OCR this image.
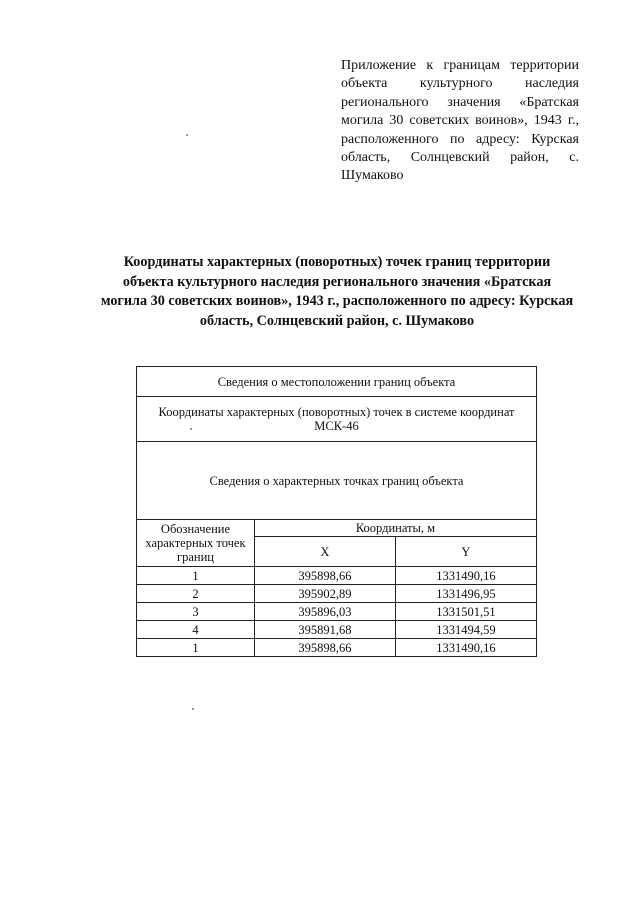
Приложение к границам территории объекта культурного наследия регионального значения «Братская могила 30 советских воинов», 1943 г., расположенного по адресу: Курская область, Солнцевский район, с. Шумаково
Координаты характерных (поворотных) точек границ территории объекта культурного наследия регионального значения «Братская могила 30 советских воинов», 1943 г., расположенного по адресу: Курская область, Солнцевский район, с. Шумаково
Сведения о местоположении границ объекта		
Координаты характерных (поворотных) точек в системе координат МСК-46		
Сведения о характерных точках границ объекта		
Обозначение характерных точек границ	Координаты, м	
	X	Y
1	395898,66	1331490,16
2	395902,89	1331496,95
3	395896,03	1331501,51
4	395891,68	1331494,59
1	395898,66	1331490,16
